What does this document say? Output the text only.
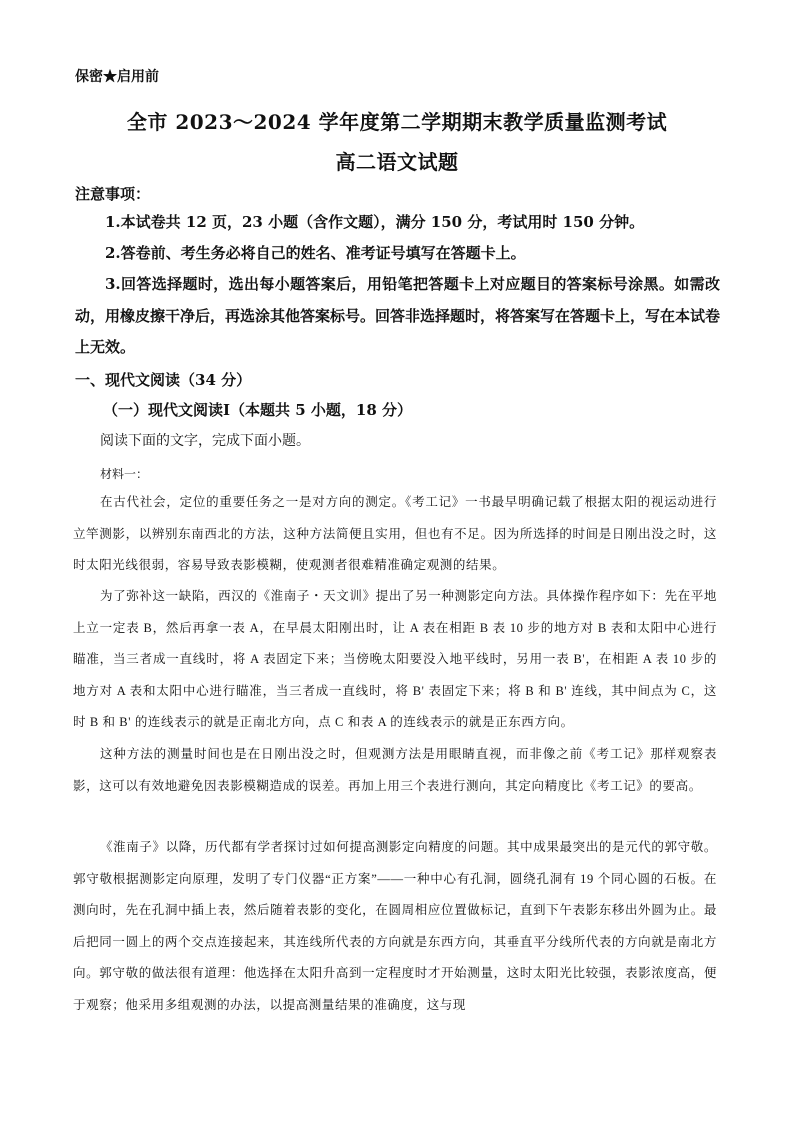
保密★启用前
全市 2023～2024 学年度第二学期期末教学质量监测考试
高二语文试题
注意事项：
1.本试卷共 12 页，23 小题（含作文题），满分 150 分，考试用时 150 分钟。
2.答卷前、考生务必将自己的姓名、准考证号填写在答题卡上。
3.回答选择题时，选出每小题答案后，用铅笔把答题卡上对应题目的答案标号涂黑。如需改动，用橡皮擦干净后，再选涂其他答案标号。回答非选择题时，将答案写在答题卡上，写在本试卷上无效。
一、现代文阅读（34 分）
（一）现代文阅读Ⅰ（本题共 5 小题，18 分）
阅读下面的文字，完成下面小题。
材料一：
在古代社会，定位的重要任务之一是对方向的测定。《考工记》一书最早明确记载了根据太阳的视运动进行立竿测影，以辨别东南西北的方法，这种方法简便且实用，但也有不足。因为所选择的时间是日刚出没之时，这时太阳光线很弱，容易导致表影模糊，使观测者很难精准确定观测的结果。
为了弥补这一缺陷，西汉的《淮南子・天文训》提出了另一种测影定向方法。具体操作程序如下：先在平地上立一定表 B，然后再拿一表 A，在早晨太阳刚出时，让 A 表在相距 B 表 10 步的地方对 B 表和太阳中心进行瞄准，当三者成一直线时，将 A 表固定下来；当傍晚太阳要没入地平线时，另用一表 B'，在相距 A 表 10 步的地方对 A 表和太阳中心进行瞄准，当三者成一直线时，将 B' 表固定下来；将 B 和 B' 连线，其中间点为 C，这时 B 和 B' 的连线表示的就是正南北方向，点 C 和表 A 的连线表示的就是正东西方向。
这种方法的测量时间也是在日刚出没之时，但观测方法是用眼睛直视，而非像之前《考工记》那样观察表影，这可以有效地避免因表影模糊造成的误差。再加上用三个表进行测向，其定向精度比《考工记》的要高。
《淮南子》以降，历代都有学者探讨过如何提高测影定向精度的问题。其中成果最突出的是元代的郭守敬。郭守敬根据测影定向原理，发明了专门仪器“正方案”——一种中心有孔洞，圆绕孔洞有 19 个同心圆的石板。在测向时，先在孔洞中插上表，然后随着表影的变化，在圆周相应位置做标记，直到下午表影东移出外圆为止。最后把同一圆上的两个交点连接起来，其连线所代表的方向就是东西方向，其垂直平分线所代表的方向就是南北方向。郭守敬的做法很有道理：他选择在太阳升高到一定程度时才开始测量，这时太阳光比较强，表影浓度高，便于观察；他采用多组观测的办法，以提高测量结果的准确度，这与现
